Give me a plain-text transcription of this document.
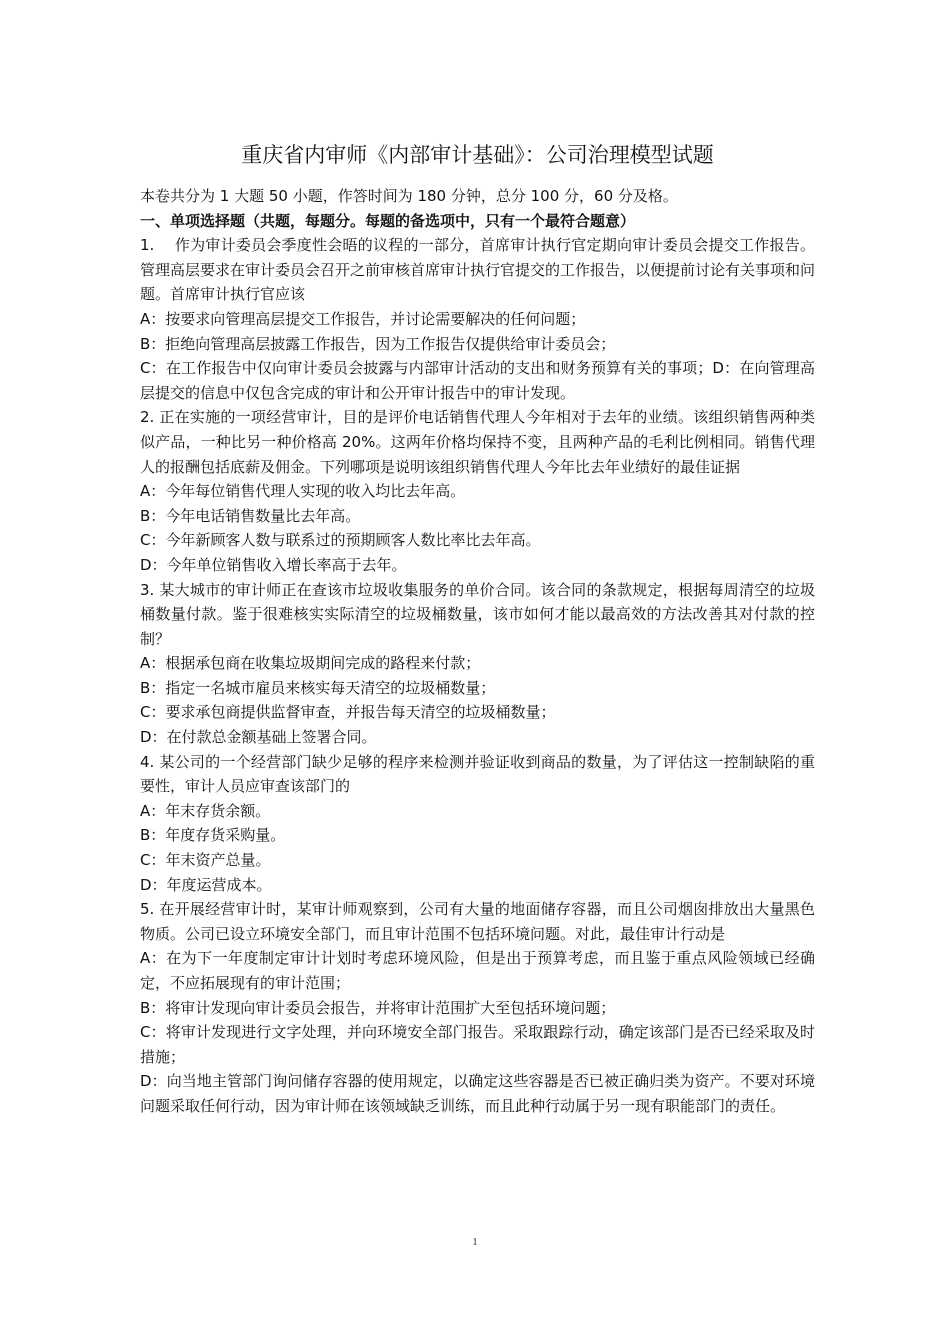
重庆省内审师《内部审计基础》：公司治理模型试题

本卷共分为 1 大题 50 小题，作答时间为 180 分钟，总分 100 分，60 分及格。

一、单项选择题（共题，每题分。每题的备选项中，只有一个最符合题意）

1.　 作为审计委员会季度性会晤的议程的一部分，首席审计执行官定期向审计委员会提交工作报告。管理高层要求在审计委员会召开之前审核首席审计执行官提交的工作报告，以便提前讨论有关事项和问题。首席审计执行官应该

A：按要求向管理高层提交工作报告，并讨论需要解决的任何问题；

B：拒绝向管理高层披露工作报告，因为工作报告仅提供给审计委员会；

C：在工作报告中仅向审计委员会披露与内部审计活动的支出和财务预算有关的事项；D：在向管理高层提交的信息中仅包含完成的审计和公开审计报告中的审计发现。

2. 正在实施的一项经营审计，目的是评价电话销售代理人今年相对于去年的业绩。该组织销售两种类似产品，一种比另一种价格高 20%。这两年价格均保持不变，且两种产品的毛利比例相同。销售代理人的报酬包括底薪及佣金。下列哪项是说明该组织销售代理人今年比去年业绩好的最佳证据

A：今年每位销售代理人实现的收入均比去年高。

B：今年电话销售数量比去年高。

C：今年新顾客人数与联系过的预期顾客人数比率比去年高。

D：今年单位销售收入增长率高于去年。

3. 某大城市的审计师正在查该市垃圾收集服务的单价合同。该合同的条款规定，根据每周清空的垃圾桶数量付款。鉴于很难核实实际清空的垃圾桶数量，该市如何才能以最高效的方法改善其对付款的控制？

A：根据承包商在收集垃圾期间完成的路程来付款；

B：指定一名城市雇员来核实每天清空的垃圾桶数量；

C：要求承包商提供监督审查，并报告每天清空的垃圾桶数量；

D：在付款总金额基础上签署合同。

4. 某公司的一个经营部门缺少足够的程序来检测并验证收到商品的数量，为了评估这一控制缺陷的重要性，审计人员应审查该部门的

A：年末存货余额。

B：年度存货采购量。

C：年末资产总量。

D：年度运营成本。

5. 在开展经营审计时，某审计师观察到，公司有大量的地面储存容器，而且公司烟囱排放出大量黑色物质。公司已设立环境安全部门，而且审计范围不包括环境问题。对此，最佳审计行动是

A：在为下一年度制定审计计划时考虑环境风险，但是出于预算考虑，而且鉴于重点风险领域已经确定，不应拓展现有的审计范围；

B：将审计发现向审计委员会报告，并将审计范围扩大至包括环境问题；

C：将审计发现进行文字处理，并向环境安全部门报告。采取跟踪行动，确定该部门是否已经采取及时措施；

D：向当地主管部门询问储存容器的使用规定，以确定这些容器是否已被正确归类为资产。不要对环境问题采取任何行动，因为审计师在该领域缺乏训练，而且此种行动属于另一现有职能部门的责任。

1
